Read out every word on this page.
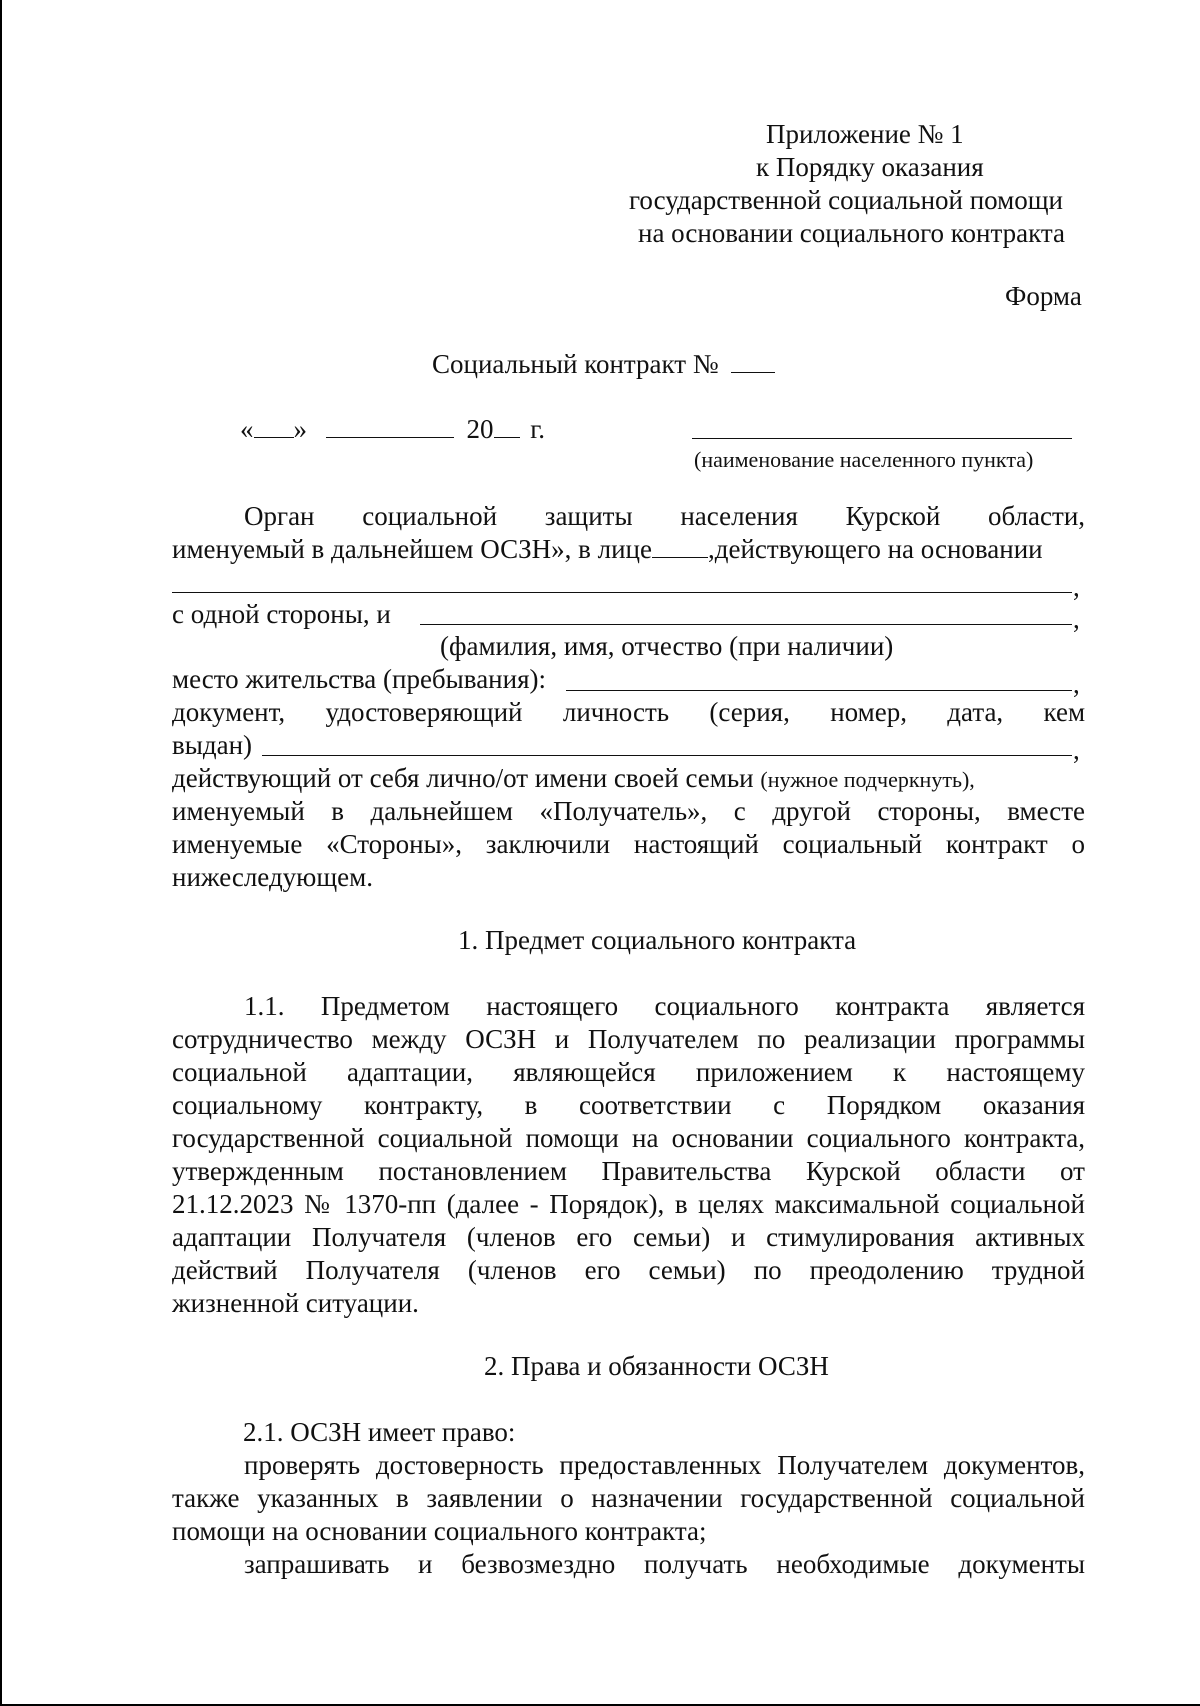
Приложение № 1
к Порядку оказания
государственной социальной помощи
на основании социального контракта
Форма
Социальный контракт №
« »	20 г.
(наименование населенного пункта)
Орган социальной защиты населения Курской области,
именуемый в дальнейшем ОСЗН», в лице ,действующего на основании
,
с одной стороны, и	,
(фамилия, имя, отчество (при наличии)
место жительства (пребывания):	,
документ, удостоверяющий личность (серия, номер, дата, кем
выдан)	,
действующий от себя лично/от имени своей семьи (нужное подчеркнуть),
именуемый в дальнейшем «Получатель», с другой стороны, вместе
именуемые «Стороны», заключили настоящий социальный контракт о
нижеследующем.
1. Предмет социального контракта
1.1. Предметом настоящего социального контракта является
сотрудничество между ОСЗН и Получателем по реализации программы
социальной адаптации, являющейся приложением к настоящему
социальному контракту, в соответствии с Порядком оказания
государственной социальной помощи на основании социального контракта,
утвержденным постановлением Правительства Курской области от
21.12.2023 № 1370-пп (далее - Порядок), в целях максимальной социальной
адаптации Получателя (членов его семьи) и стимулирования активных
действий Получателя (членов его семьи) по преодолению трудной
жизненной ситуации.
2. Права и обязанности ОСЗН
2.1. ОСЗН имеет право:
проверять достоверность предоставленных Получателем документов,
также указанных в заявлении о назначении государственной социальной
помощи на основании социального контракта;
запрашивать и безвозмездно получать необходимые документы
